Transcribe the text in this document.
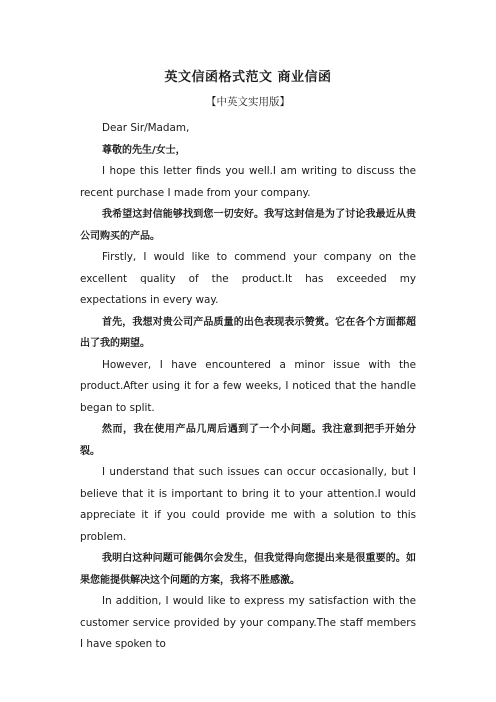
英文信函格式范文 商业信函
【中英文实用版】

Dear Sir/Madam,

尊敬的先生/女士，

I hope this letter finds you well.I am writing to discuss the recent purchase I made from your company.

我希望这封信能够找到您一切安好。我写这封信是为了讨论我最近从贵公司购买的产品。

Firstly, I would like to commend your company on the excellent quality of the product.It has exceeded my expectations in every way.

首先，我想对贵公司产品质量的出色表现表示赞赏。它在各个方面都超出了我的期望。

However, I have encountered a minor issue with the product.After using it for a few weeks, I noticed that the handle began to split.

然而，我在使用产品几周后遇到了一个小问题。我注意到把手开始分裂。

I understand that such issues can occur occasionally, but I believe that it is important to bring it to your attention.I would appreciate it if you could provide me with a solution to this problem.

我明白这种问题可能偶尔会发生，但我觉得向您提出来是很重要的。如果您能提供解决这个问题的方案，我将不胜感激。

In addition, I would like to express my satisfaction with the customer service provided by your company.The staff members I have spoken to
